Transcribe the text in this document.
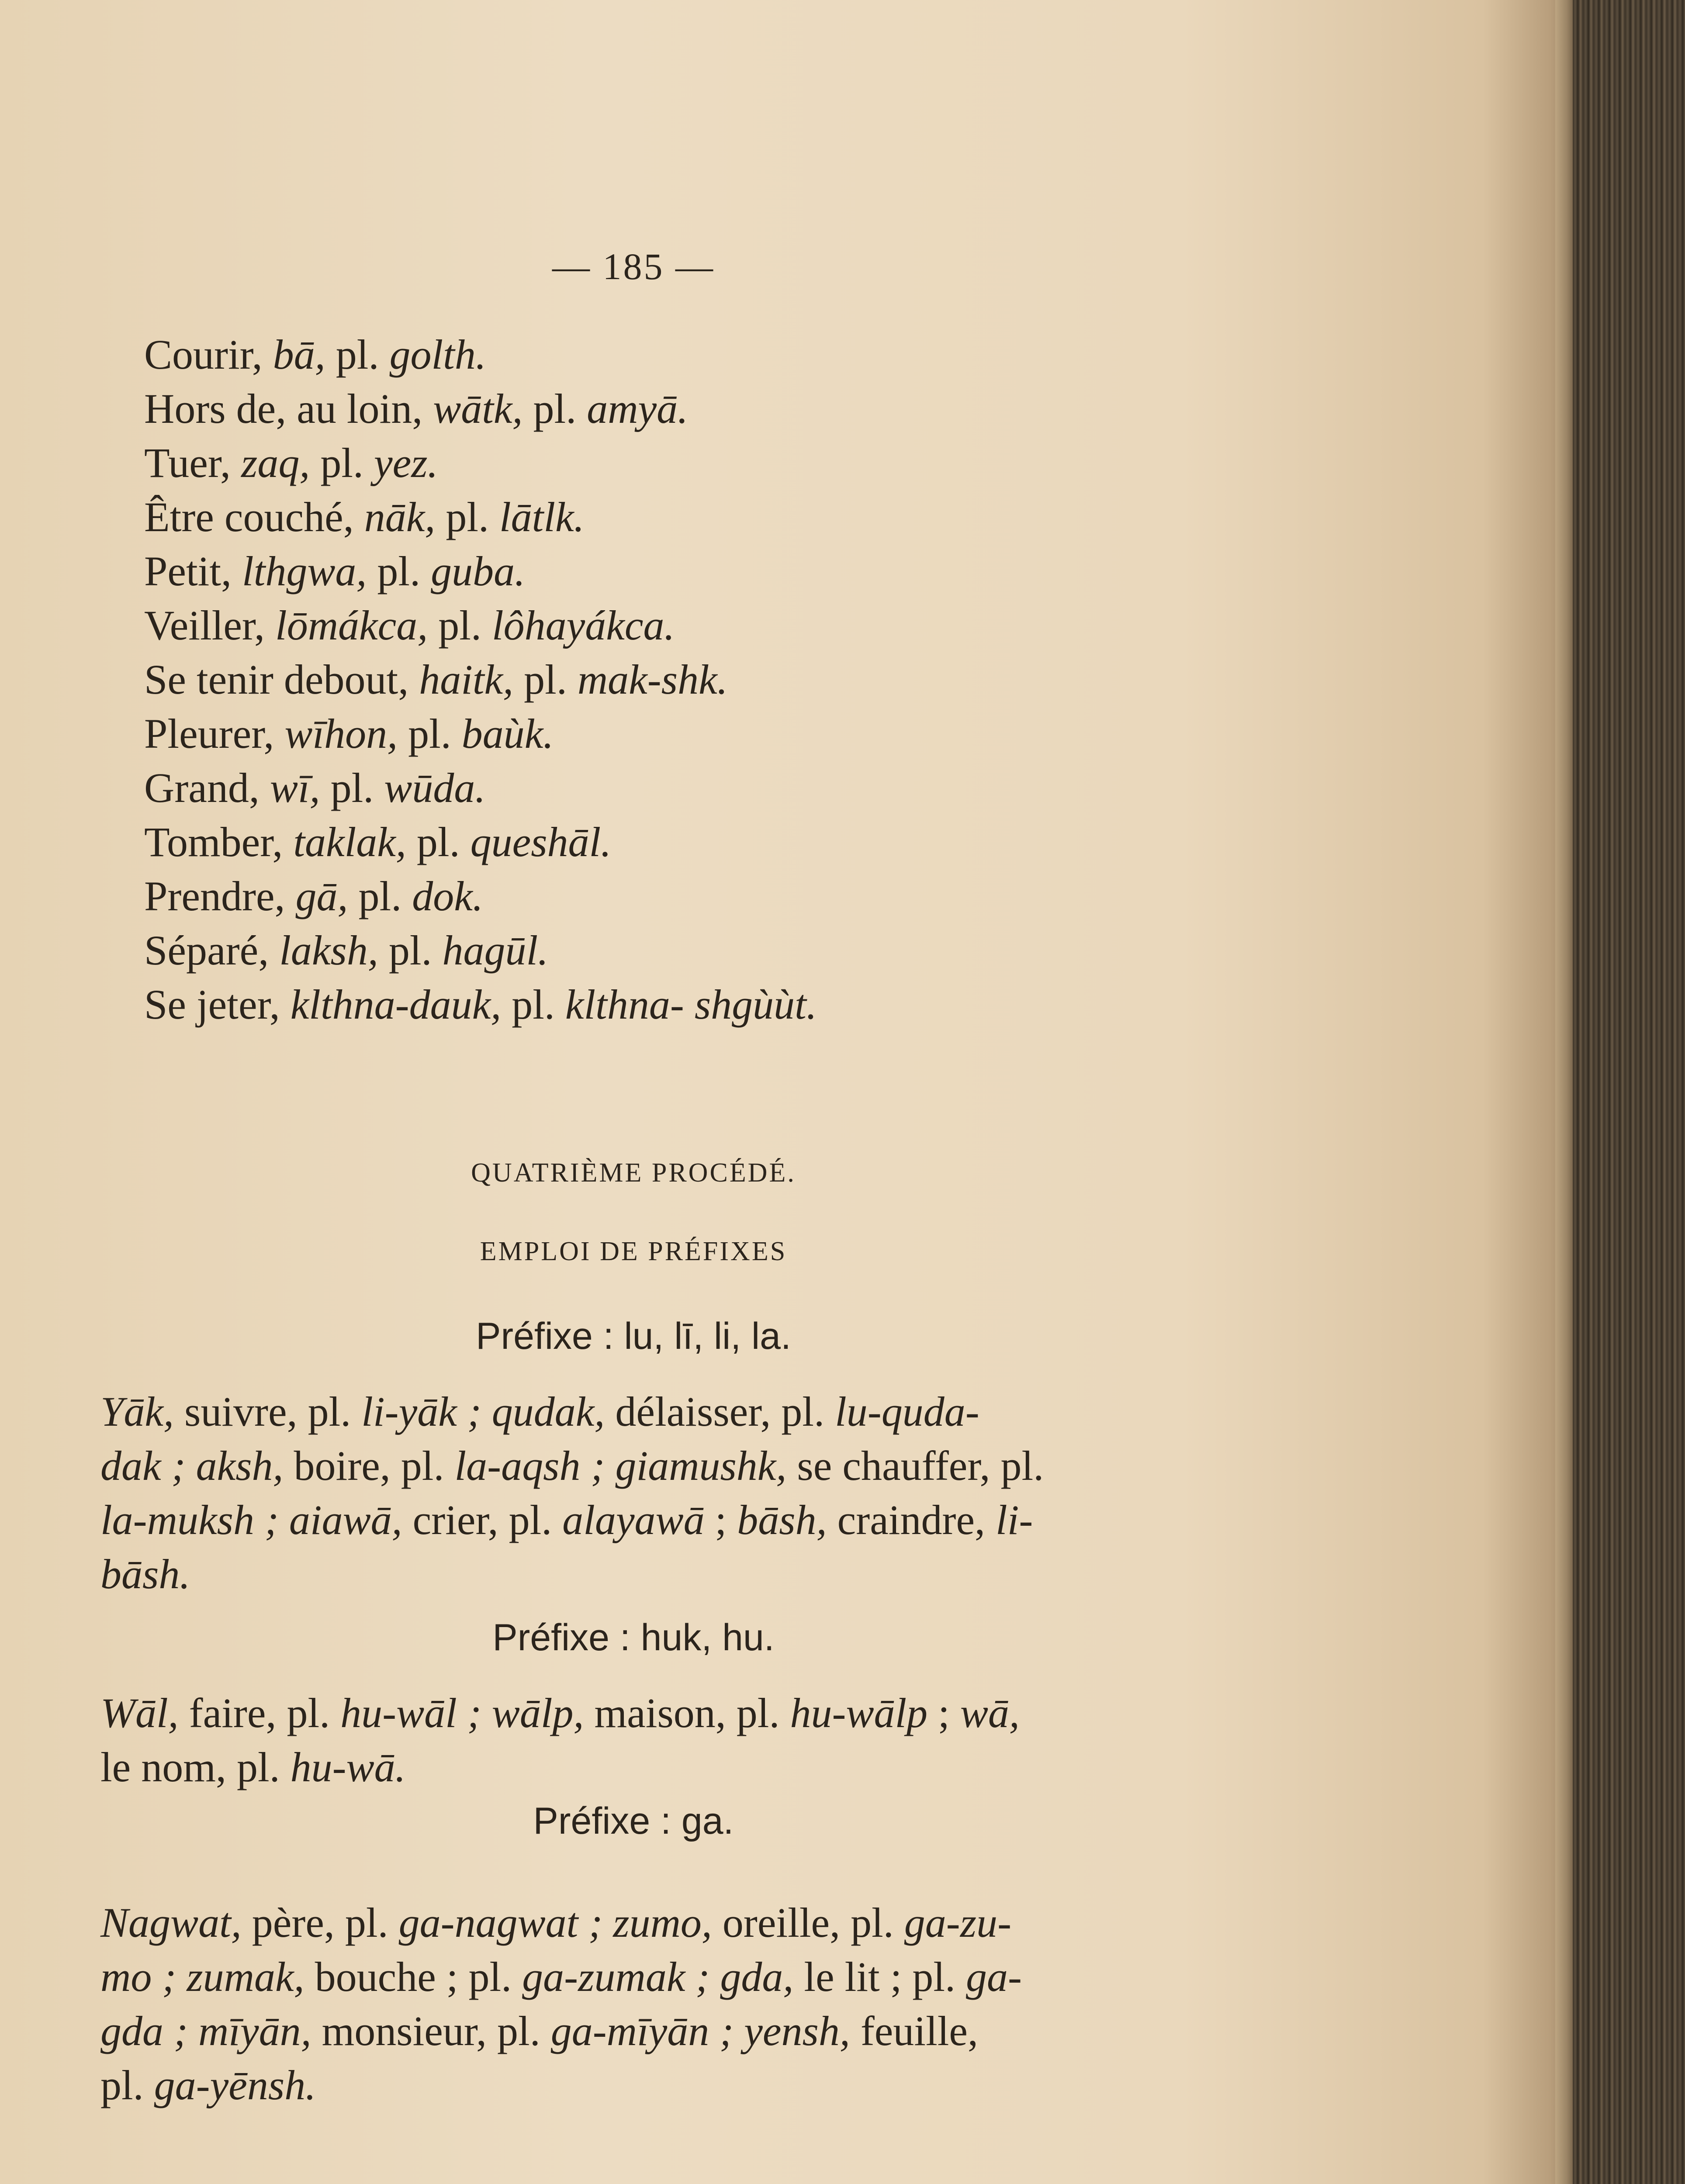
— 185 —
Courir, bā, pl. golth.
Hors de, au loin, wātk, pl. amyā.
Tuer, zaq, pl. yez.
Être couché, nāk, pl. lātlk.
Petit, lthgwa, pl. guba.
Veiller, lōmákca, pl. lôhayákca.
Se tenir debout, haitk, pl. mak-shk.
Pleurer, wīhon, pl. baùk.
Grand, wī, pl. wūda.
Tomber, taklak, pl. queshāl.
Prendre, gā, pl. dok.
Séparé, laksh, pl. hagūl.
Se jeter, klthna-dauk, pl. klthna- shgùùt.
QUATRIÈME PROCÉDÉ.
EMPLOI DE PRÉFIXES
Préfixe : lu, lī, li, la.
Yāk, suivre, pl. li-yāk ; qudak, délaisser, pl. lu-quda-
dak ; aksh, boire, pl. la-aqsh ; giamushk, se chauffer, pl.
la-muksh ; aiawā, crier, pl. alayawā ; bāsh, craindre, li-
bāsh.
Préfixe : huk, hu.
Wāl, faire, pl. hu-wāl ; wālp, maison, pl. hu-wālp ; wā,
le nom, pl. hu-wā.
Préfixe : ga.
Nagwat, père, pl. ga-nagwat ; zumo, oreille, pl. ga-zu-
mo ; zumak, bouche ; pl. ga-zumak ; gda, le lit ; pl. ga-
gda ; mīyān, monsieur, pl. ga-mīyān ; yensh, feuille,
pl. ga-yēnsh.
